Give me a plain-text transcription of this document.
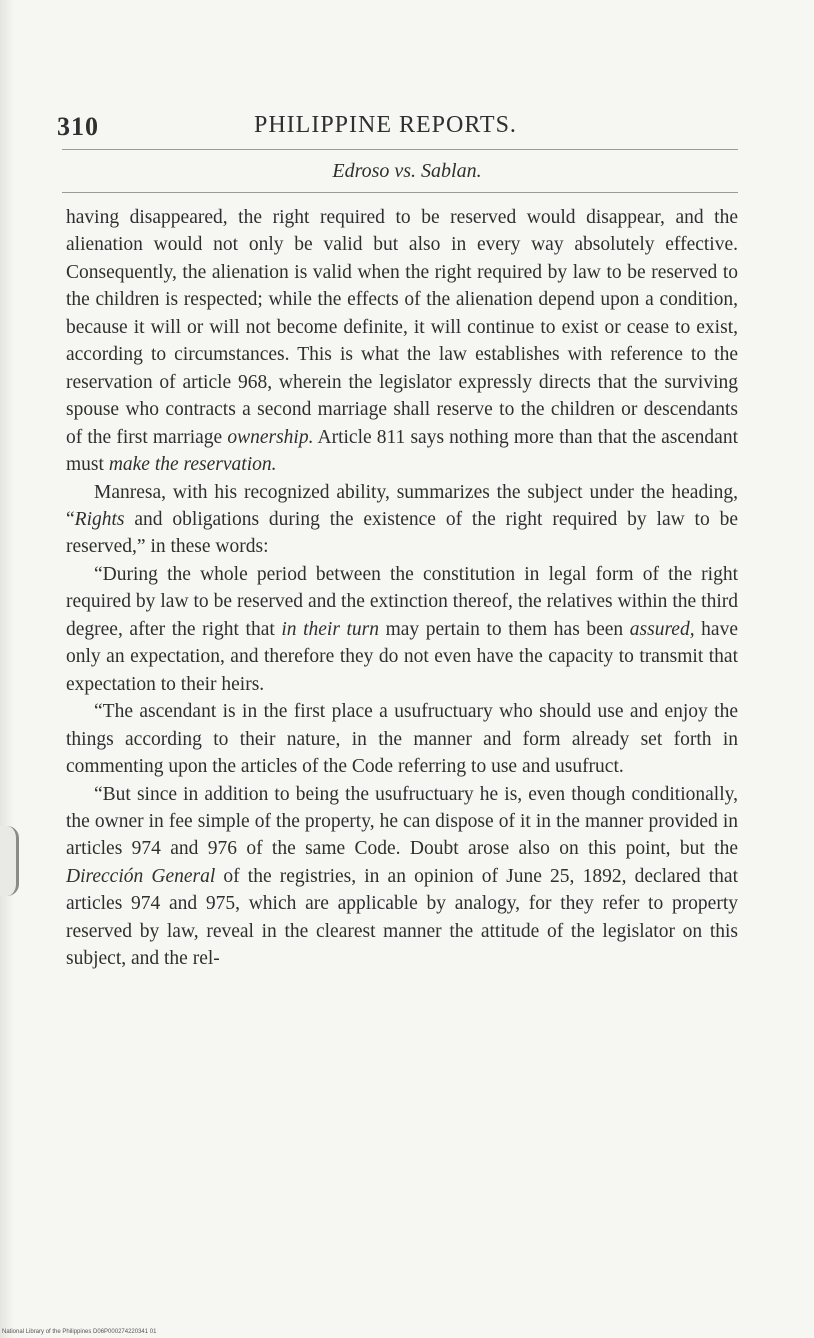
310	PHILIPPINE REPORTS.
Edroso vs. Sablan.

having disappeared, the right required to be reserved would disappear, and the alienation would not only be valid but also in every way absolutely effective. Consequently, the alienation is valid when the right required by law to be reserved to the children is respected; while the effects of the alienation depend upon a condition, because it will or will not become definite, it will continue to exist or cease to exist, according to circumstances. This is what the law establishes with reference to the reservation of article 968, wherein the legislator expressly directs that the surviving spouse who contracts a second marriage shall reserve to the children or descendants of the first marriage ownership. Article 811 says nothing more than that the ascendant must make the reservation.

Manresa, with his recognized ability, summarizes the subject under the heading, “Rights and obligations during the existence of the right required by law to be reserved,” in these words:

“During the whole period between the constitution in legal form of the right required by law to be reserved and the extinction thereof, the relatives within the third degree, after the right that in their turn may pertain to them has been assured, have only an expectation, and therefore they do not even have the capacity to transmit that expectation to their heirs.

“The ascendant is in the first place a usufructuary who should use and enjoy the things according to their nature, in the manner and form already set forth in commenting upon the articles of the Code referring to use and usufruct.

“But since in addition to being the usufructuary he is, even though conditionally, the owner in fee simple of the property, he can dispose of it in the manner provided in articles 974 and 976 of the same Code. Doubt arose also on this point, but the Dirección General of the registries, in an opinion of June 25, 1892, declared that articles 974 and 975, which are applicable by analogy, for they refer to property reserved by law, reveal in the clearest manner the attitude of the legislator on this subject, and the rel-

National Library of the Philippines D06P000274220341 01
